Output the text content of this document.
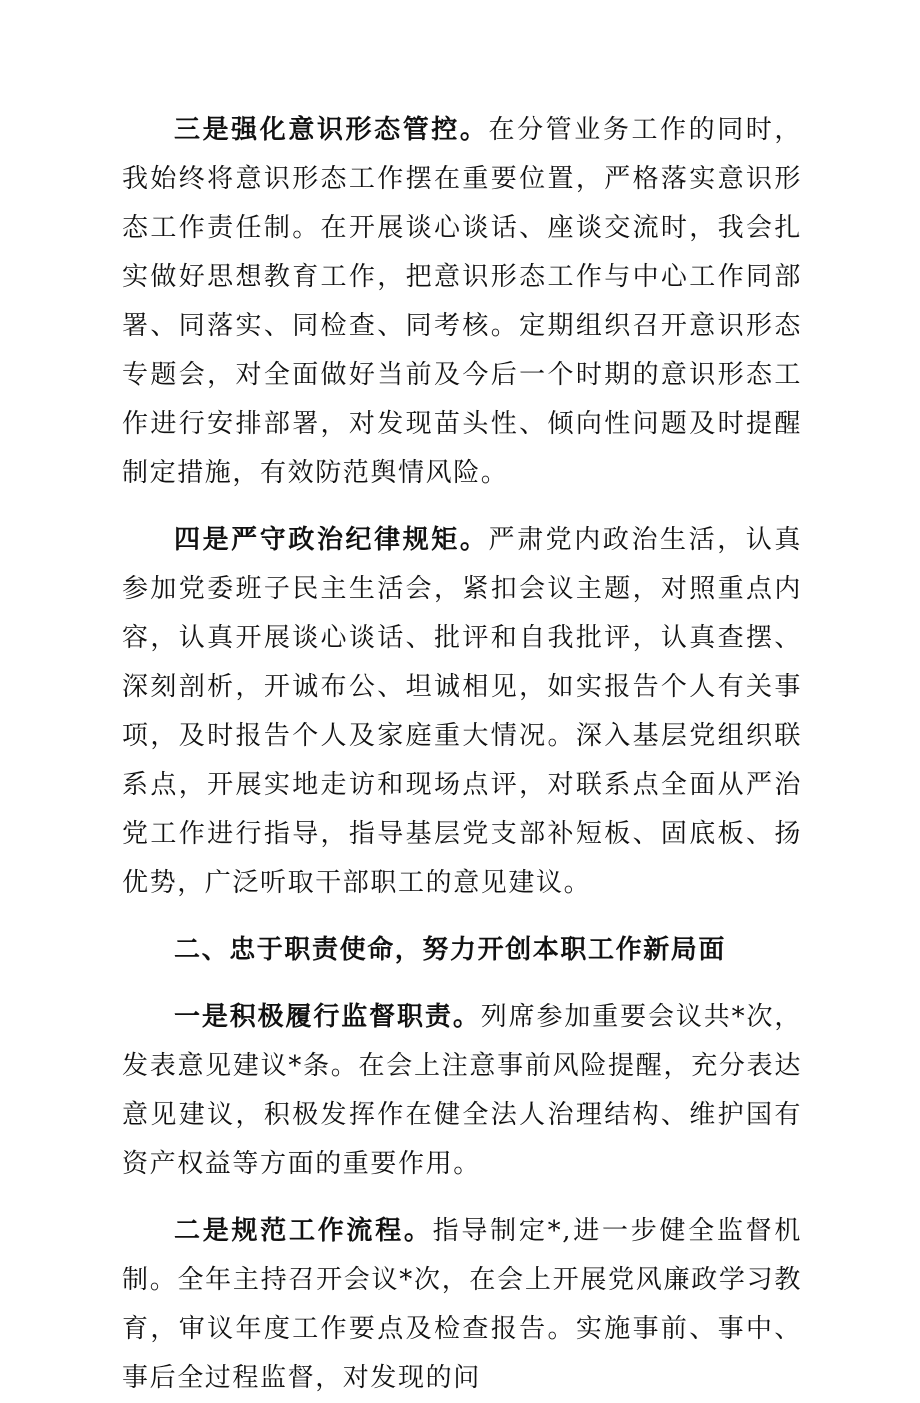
三是强化意识形态管控。在分管业务工作的同时，我始终将意识形态工作摆在重要位置，严格落实意识形态工作责任制。在开展谈心谈话、座谈交流时，我会扎实做好思想教育工作，把意识形态工作与中心工作同部署、同落实、同检查、同考核。定期组织召开意识形态专题会，对全面做好当前及今后一个时期的意识形态工作进行安排部署，对发现苗头性、倾向性问题及时提醒制定措施，有效防范舆情风险。

四是严守政治纪律规矩。严肃党内政治生活，认真参加党委班子民主生活会，紧扣会议主题，对照重点内容，认真开展谈心谈话、批评和自我批评，认真查摆、深刻剖析，开诚布公、坦诚相见，如实报告个人有关事项，及时报告个人及家庭重大情况。深入基层党组织联系点，开展实地走访和现场点评，对联系点全面从严治党工作进行指导，指导基层党支部补短板、固底板、扬优势，广泛听取干部职工的意见建议。

二、忠于职责使命，努力开创本职工作新局面

一是积极履行监督职责。列席参加重要会议共*次，发表意见建议*条。在会上注意事前风险提醒，充分表达意见建议，积极发挥作在健全法人治理结构、维护国有资产权益等方面的重要作用。

二是规范工作流程。指导制定*,进一步健全监督机制。全年主持召开会议*次，在会上开展党风廉政学习教育，审议年度工作要点及检查报告。实施事前、事中、事后全过程监督，对发现的问
